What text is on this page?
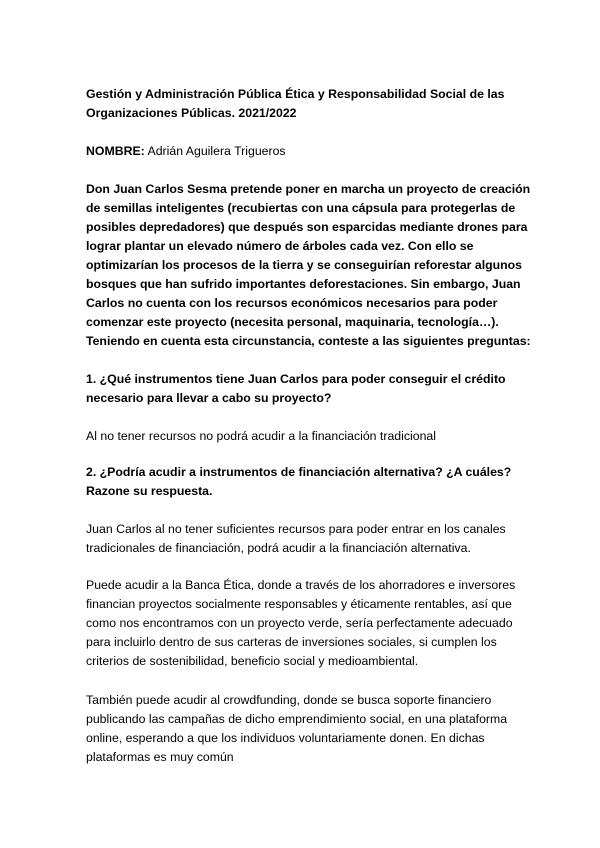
Gestión y Administración Pública Ética y Responsabilidad Social de las Organizaciones Públicas. 2021/2022

NOMBRE: Adrián Aguilera Trigueros

Don Juan Carlos Sesma pretende poner en marcha un proyecto de creación de semillas inteligentes (recubiertas con una cápsula para protegerlas de posibles depredadores) que después son esparcidas mediante drones para lograr plantar un elevado número de árboles cada vez. Con ello se optimizarían los procesos de la tierra y se conseguirían reforestar algunos bosques que han sufrido importantes deforestaciones. Sin embargo, Juan Carlos no cuenta con los recursos económicos necesarios para poder comenzar este proyecto (necesita personal, maquinaria, tecnología…). Teniendo en cuenta esta circunstancia, conteste a las siguientes preguntas:

1. ¿Qué instrumentos tiene Juan Carlos para poder conseguir el crédito necesario para llevar a cabo su proyecto?

Al no tener recursos no podrá acudir a la financiación tradicional

2. ¿Podría acudir a instrumentos de financiación alternativa? ¿A cuáles? Razone su respuesta.

Juan Carlos al no tener suficientes recursos para poder entrar en los canales tradicionales de financiación, podrá acudir a la financiación alternativa.

Puede acudir a la Banca Ética, donde a través de los ahorradores e inversores financian proyectos socialmente responsables y éticamente rentables, así que como nos encontramos con un proyecto verde, sería perfectamente adecuado para incluirlo dentro de sus carteras de inversiones sociales, si cumplen los criterios de sostenibilidad, beneficio social y medioambiental.

También puede acudir al crowdfunding, donde se busca soporte financiero publicando las campañas de dicho emprendimiento social, en una plataforma online, esperando a que los individuos voluntariamente donen. En dichas plataformas es muy común
